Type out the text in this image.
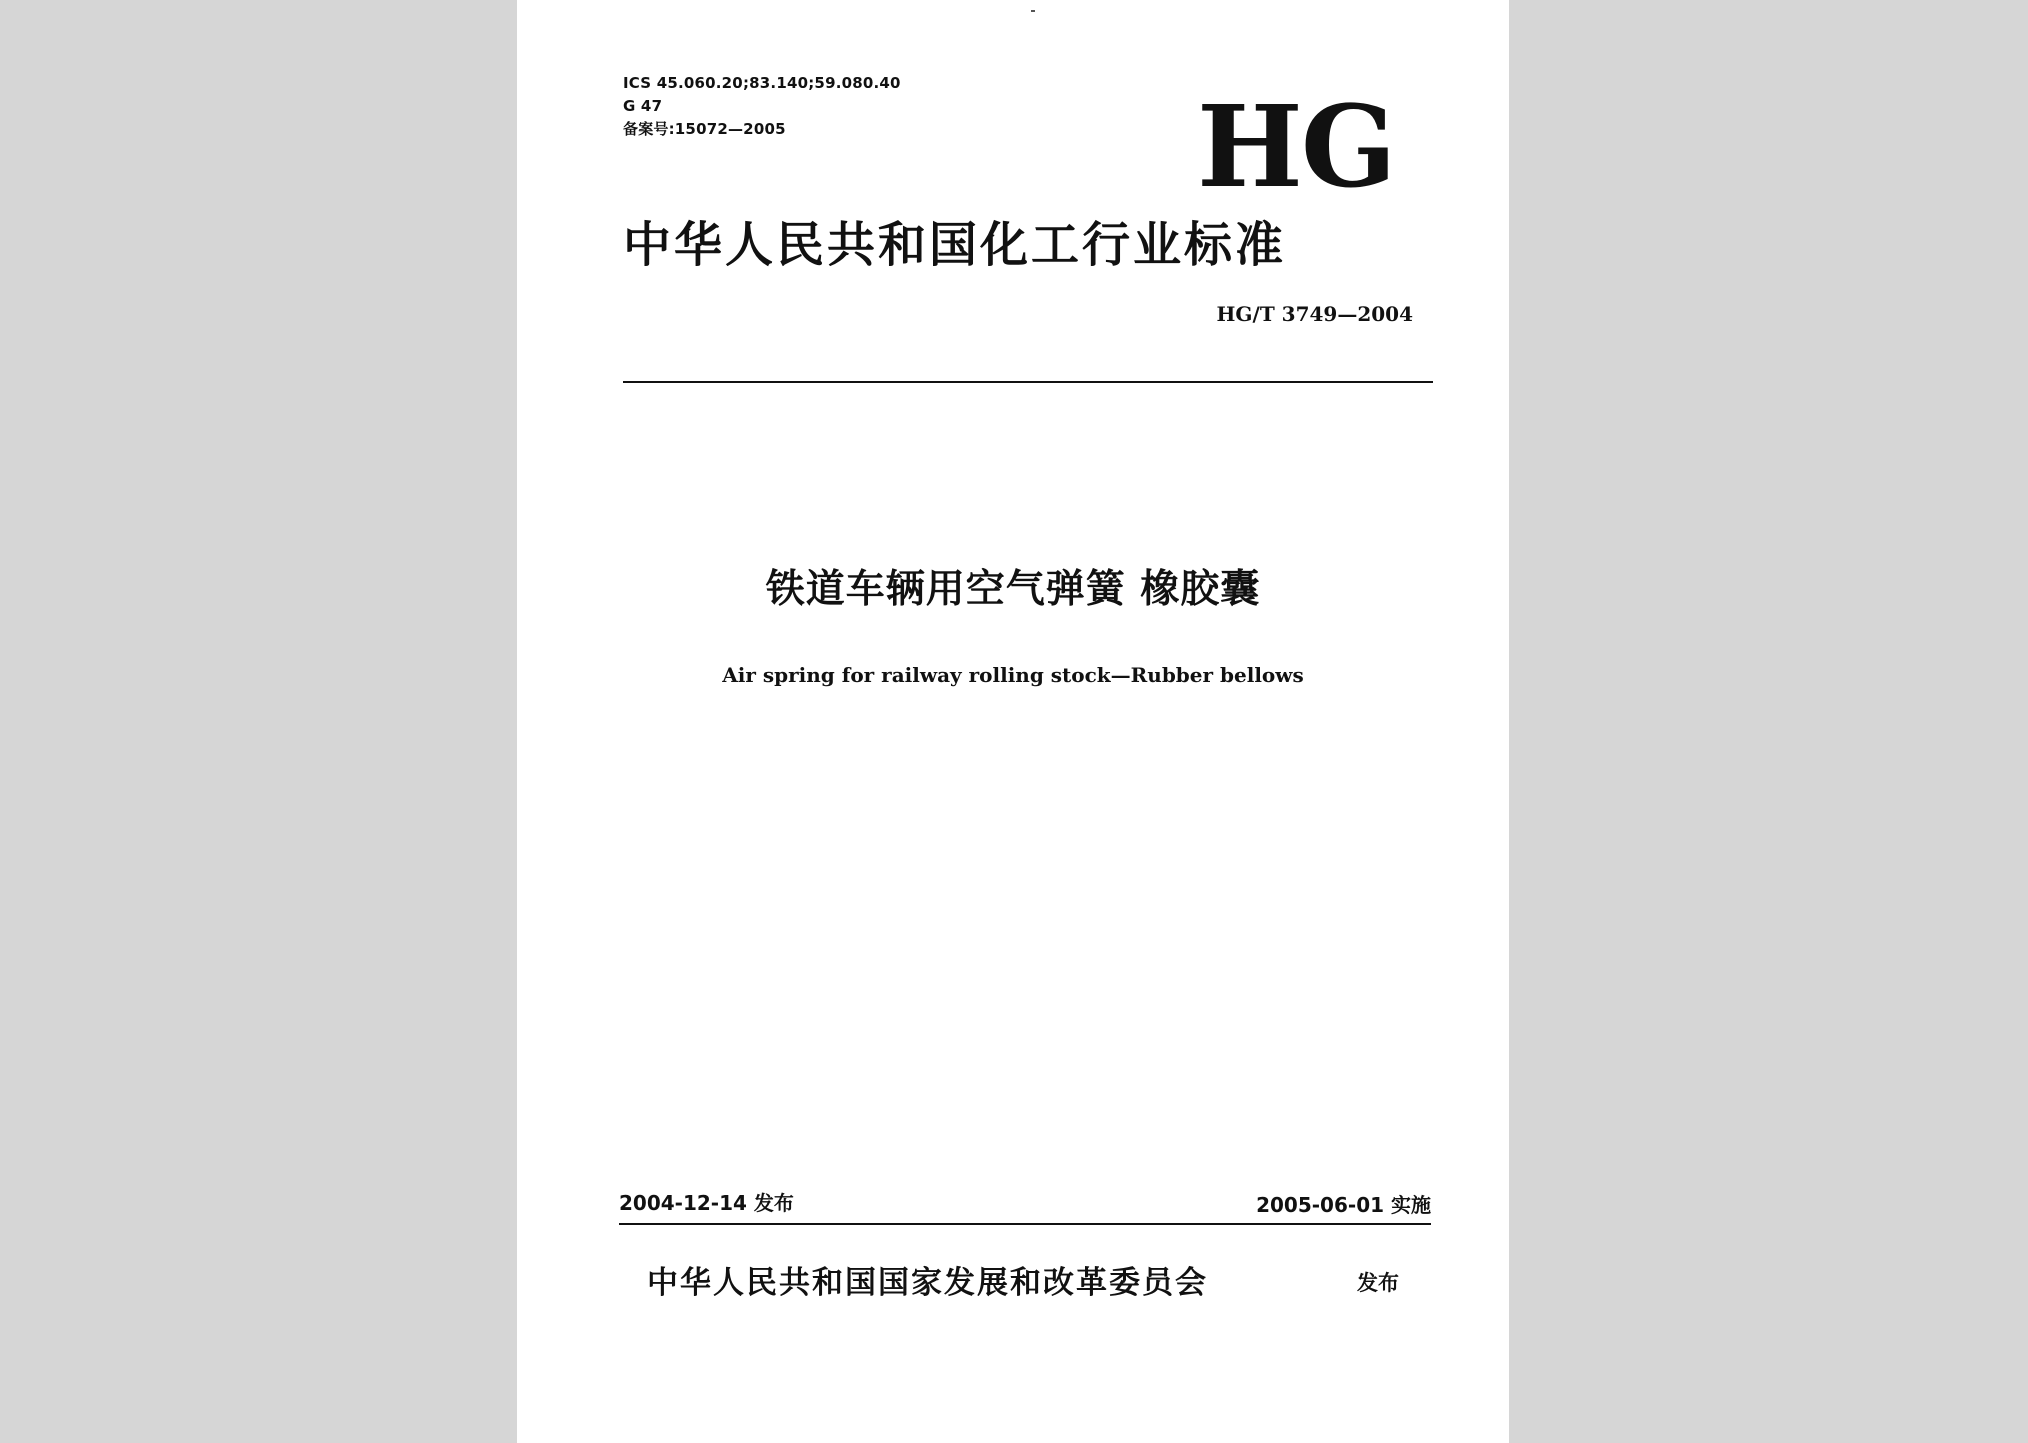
ICS 45.060.20;83.140;59.080.40
G 47
备案号:15072—2005	HG
中华人民共和国化工行业标准
HG/T 3749—2004
铁道车辆用空气弹簧 橡胶囊
Air spring for railway rolling stock—Rubber bellows
2004-12-14 发布	2005-06-01 实施
中华人民共和国国家发展和改革委员会	发布
